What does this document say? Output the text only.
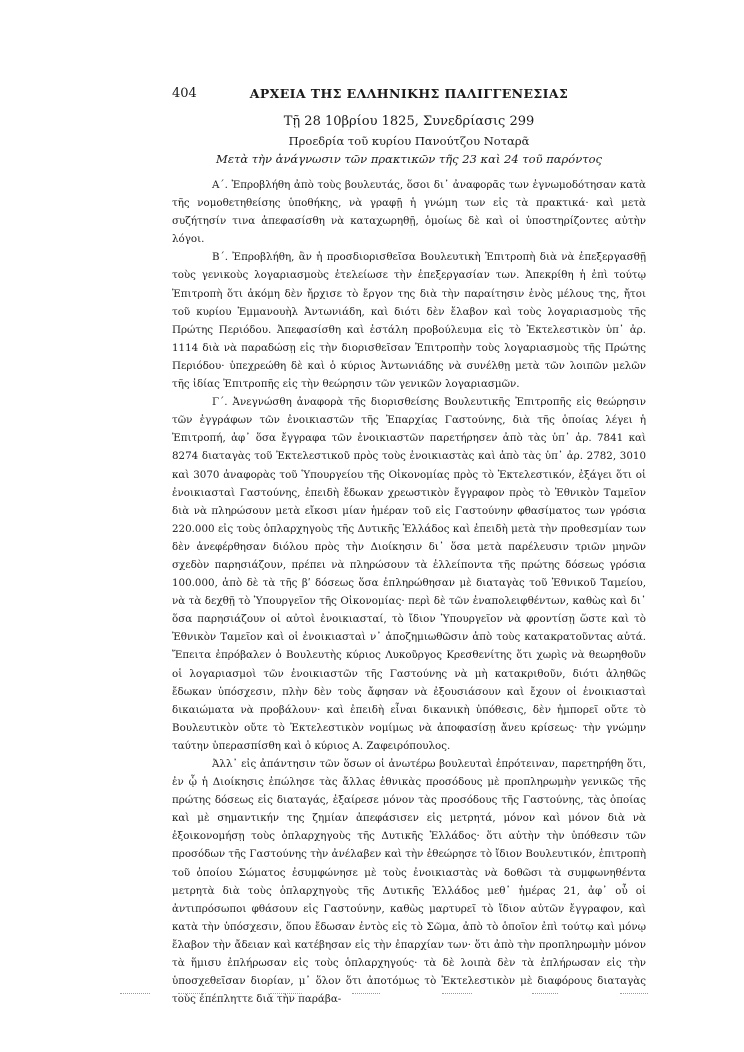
404	ΑΡΧΕΙΑ ΤΗΣ ΕΛΛΗΝΙΚΗΣ ΠΑΛΙΓΓΕΝΕΣΙΑΣ
Τῇ 28 10βρίου 1825, Συνεδρίασις 299
Προεδρία τοῦ κυρίου Πανούτζου Νοταρᾶ
Μετὰ τὴν ἀνάγνωσιν τῶν πρακτικῶν τῆς 23 καὶ 24 τοῦ παρόντος

Α΄. Ἐπροβλήθη ἀπὸ τοὺς βουλευτάς, ὅσοι δι᾽ ἀναφορᾶς των ἐγνωμοδότησαν κατὰ τῆς νομοθετηθείσης ὑποθήκης, νὰ γραφῇ ἡ γνώμη των εἰς τὰ πρακτικά· καὶ μετὰ συζήτησίν τινα ἀπεφασίσθη νὰ καταχωρηθῇ, ὁμοίως δὲ καὶ οἱ ὑποστηρίζοντες αὐτὴν λόγοι.

Β΄. Ἐπροβλήθη, ἂν ἡ προσδιορισθεῖσα Βουλευτικὴ Ἐπιτροπὴ διὰ νὰ ἐπεξεργασθῇ τοὺς γενικοὺς λογαριασμοὺς ἐτελείωσε τὴν ἐπεξεργασίαν των. Ἀπεκρίθη ἡ ἐπὶ τούτῳ Ἐπιτροπὴ ὅτι ἀκόμη δὲν ἤρχισε τὸ ἔργον της διὰ τὴν παραίτησιν ἑνὸς μέλους της, ἤτοι τοῦ κυρίου Ἐμμανουὴλ Ἀντωνιάδη, καὶ διότι δὲν ἔλαβον καὶ τοὺς λογαριασμοὺς τῆς Πρώτης Περιόδου. Ἀπεφασίσθη καὶ ἐστάλη προβούλευμα εἰς τὸ Ἐκτελεστικὸν ὑπ᾽ ἀρ. 1114 διὰ νὰ παραδώσῃ εἰς τὴν διορισθεῖσαν Ἐπιτροπὴν τοὺς λογαριασμοὺς τῆς Πρώτης Περιόδου· ὑπεχρεώθη δὲ καὶ ὁ κύριος Ἀντωνιάδης νὰ συνέλθῃ μετὰ τῶν λοιπῶν μελῶν τῆς ἰδίας Ἐπιτροπῆς εἰς τὴν θεώρησιν τῶν γενικῶν λογαριασμῶν.

Γ΄. Ἀνεγνώσθη ἀναφορὰ τῆς διορισθείσης Βουλευτικῆς Ἐπιτροπῆς εἰς θεώρησιν τῶν ἐγγράφων τῶν ἐνοικιαστῶν τῆς Ἐπαρχίας Γαστούνης, διὰ τῆς ὁποίας λέγει ἡ Ἐπιτροπή, ἀφ᾽ ὅσα ἔγγραφα τῶν ἐνοικιαστῶν παρετήρησεν ἀπὸ τὰς ὑπ᾽ ἀρ. 7841 καὶ 8274 διαταγὰς τοῦ Ἐκτελεστικοῦ πρὸς τοὺς ἐνοικιαστὰς καὶ ἀπὸ τὰς ὑπ᾽ ἀρ. 2782, 3010 καὶ 3070 ἀναφορὰς τοῦ Ὑπουργείου τῆς Οἰκονομίας πρὸς τὸ Ἐκτελεστικόν, ἐξάγει ὅτι οἱ ἐνοικιασταὶ Γαστούνης, ἐπειδὴ ἔδωκαν χρεωστικὸν ἔγγραφον πρὸς τὸ Ἐθνικὸν Ταμεῖον διὰ νὰ πληρώσουν μετὰ εἴκοσι μίαν ἡμέραν τοῦ εἰς Γαστούνην φθασίματος των γρόσια 220.000 εἰς τοὺς ὁπλαρχηγοὺς τῆς Δυτικῆς Ἑλλάδος καὶ ἐπειδὴ μετὰ τὴν προθεσμίαν των δὲν ἀνεφέρθησαν διόλου πρὸς τὴν Διοίκησιν δι᾽ ὅσα μετὰ παρέλευσιν τριῶν μηνῶν σχεδὸν παρησιάζουν, πρέπει νὰ πληρώσουν τὰ ἐλλείποντα τῆς πρώτης δόσεως γρόσια 100.000, ἀπὸ δὲ τὰ τῆς βʹ δόσεως ὅσα ἐπληρώθησαν μὲ διαταγὰς τοῦ Ἐθνικοῦ Ταμείου, νὰ τὰ δεχθῇ τὸ Ὑπουργεῖον τῆς Οἰκονομίας· περὶ δὲ τῶν ἐναπολειφθέντων, καθὼς καὶ δι᾽ ὅσα παρησιάζουν οἱ αὐτοὶ ἐνοικιασταί, τὸ ἴδιον Ὑπουργεῖον νὰ φροντίσῃ ὥστε καὶ τὸ Ἐθνικὸν Ταμεῖον καὶ οἱ ἐνοικιασταὶ ν᾽ ἀποζημιωθῶσιν ἀπὸ τοὺς κατακρατοῦντας αὐτά. Ἔπειτα ἐπρόβαλεν ὁ Βουλευτὴς κύριος Λυκοῦργος Κρεσθενίτης ὅτι χωρὶς νὰ θεωρηθοῦν οἱ λογαριασμοὶ τῶν ἐνοικιαστῶν τῆς Γαστούνης νὰ μὴ κατακριθοῦν, διότι ἀληθῶς ἔδωκαν ὑπόσχεσιν, πλὴν δὲν τοὺς ἄφησαν νὰ ἐξουσιάσουν καὶ ἔχουν οἱ ἐνοικιασταὶ δικαιώματα νὰ προβάλουν· καὶ ἐπειδὴ εἶναι δικανικὴ ὑπόθεσις, δὲν ἠμπορεῖ οὔτε τὸ Βουλευτικὸν οὔτε τὸ Ἐκτελεστικὸν νομίμως νὰ ἀποφασίσῃ ἄνευ κρίσεως· τὴν γνώμην ταύτην ὑπερασπίσθη καὶ ὁ κύριος Α. Ζαφειρόπουλος.

Ἀλλ᾽ εἰς ἀπάντησιν τῶν ὅσων οἱ ἀνωτέρω βουλευταὶ ἐπρότειναν, παρετηρήθη ὅτι, ἐν ᾧ ἡ Διοίκησις ἐπώλησε τὰς ἄλλας ἐθνικὰς προσόδους μὲ προπληρωμὴν γενικῶς τῆς πρώτης δόσεως εἰς διαταγάς, ἐξαίρεσε μόνον τὰς προσόδους τῆς Γαστούνης, τὰς ὁποίας καὶ μὲ σημαντικήν της ζημίαν ἀπεφάσισεν εἰς μετρητά, μόνον καὶ μόνον διὰ νὰ ἐξοικονομήσῃ τοὺς ὁπλαρχηγοὺς τῆς Δυτικῆς Ἑλλάδος· ὅτι αὐτὴν τὴν ὑπόθεσιν τῶν προσόδων τῆς Γαστούνης τὴν ἀνέλαβεν καὶ τὴν ἐθεώρησε τὸ ἴδιον Βουλευτικόν, ἐπιτροπὴ τοῦ ὁποίου Σώματος ἐσυμφώνησε μὲ τοὺς ἐνοικιαστὰς νὰ δοθῶσι τὰ συμφωνηθέντα μετρητὰ διὰ τοὺς ὁπλαρχηγοὺς τῆς Δυτικῆς Ἑλλάδος μεθ᾽ ἡμέρας 21, ἀφ᾽ οὗ οἱ ἀντιπρόσωποι φθάσουν εἰς Γαστούνην, καθὼς μαρτυρεῖ τὸ ἴδιον αὐτῶν ἔγγραφον, καὶ κατὰ τὴν ὑπόσχεσιν, ὅπου ἔδωσαν ἐντὸς εἰς τὸ Σῶμα, ἀπὸ τὸ ὁποῖον ἐπὶ τούτῳ καὶ μόνῳ ἔλαβον τὴν ἄδειαν καὶ κατέβησαν εἰς τὴν ἐπαρχίαν των· ὅτι ἀπὸ τὴν προπληρωμὴν μόνον τὰ ἥμισυ ἐπλήρωσαν εἰς τοὺς ὁπλαρχηγούς· τὰ δὲ λοιπὰ δὲν τὰ ἐπλήρωσαν εἰς τὴν ὑποσχεθεῖσαν διορίαν, μ᾽ ὅλον ὅτι ἀποτόμως τὸ Ἐκτελεστικὸν μὲ διαφόρους διαταγὰς τοὺς ἐπέπληττε διὰ τὴν παράβα-
